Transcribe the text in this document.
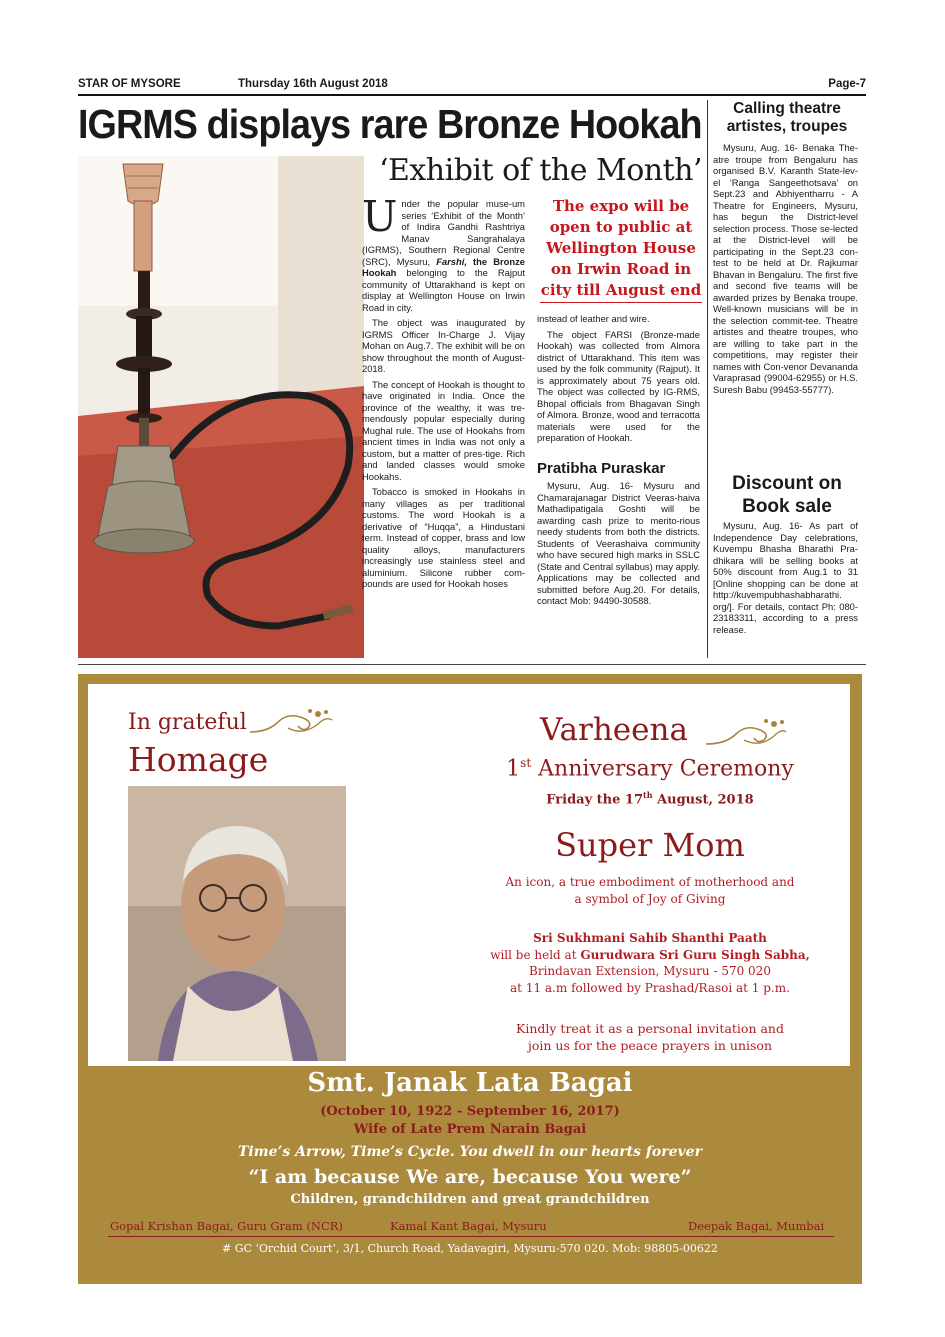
STAR OF MYSORE	Thursday 16th August 2018	Page-7
IGRMS displays rare Bronze Hookah
‘Exhibit of the Month’

Under the popular muse-um series ‘Exhibit of the Month’ of Indira Gandhi Rashtriya Manav Sangrahalaya (IGRMS), Southern Regional Centre (SRC), Mysuru, Farshi, the Bronze Hookah belonging to the Rajput community of Uttarakhand is kept on display at Wellington House on Irwin Road in city.

The object was inaugurated by IGRMS Officer In-Charge J. Vijay Mohan on Aug.7. The exhibit will be on show throughout the month of August-2018.

The concept of Hookah is thought to have originated in India. Once the province of the wealthy, it was tre-mendously popular especially during Mughal rule. The use of Hookahs from ancient times in India was not only a custom, but a matter of pres-tige. Rich and landed classes would smoke Hookahs.

Tobacco is smoked in Hookahs in many villages as per traditional customs. The word Hookah is a derivative of “Huqqa”, a Hindustani term. Instead of copper, brass and low quality alloys, manufacturers increasingly use stainless steel and aluminium. Silicone rubber com-pounds are used for Hookah hoses

The expo will be open to public at Wellington House on Irwin Road in city till August end

instead of leather and wire.

The object FARSI (Bronze-made Hookah) was collected from Almora district of Uttarakhand. This item was used by the folk community (Rajput). It is approximately about 75 years old. The object was collected by IG-RMS, Bhopal officials from Bhagavan Singh of Almora. Bronze, wood and terracotta materials were used for the preparation of Hookah.

Pratibha Puraskar

Mysuru, Aug. 16- Mysuru and Chamarajanagar District Veeras-haiva Mathadipatigala Goshti will be awarding cash prize to merito-rious needy students from both the districts. Students of Veerashaiva community who have secured high marks in SSLC (State and Central syllabus) may apply. Applications may be collected and submitted before Aug.20. For details, contact Mob: 94490-30588.

Calling theatre
artistes, troupes

Mysuru, Aug. 16- Benaka The-atre troupe from Bengaluru has organised B.V. Karanth State-lev-el ‘Ranga Sangeethotsava’ on Sept.23 and Abhiyentharru - A Theatre for Engineers, Mysuru, has begun the District-level selection process. Those se-lected at the District-level will be participating in the Sept.23 con-test to be held at Dr. Rajkumar Bhavan in Bengaluru. The first five and second five teams will be awarded prizes by Benaka troupe. Well-known musicians will be in the selection commit-tee. Theatre artistes and theatre troupes, who are willing to take part in the competitions, may register their names with Con-venor Devananda Varaprasad (99004-62955) or H.S. Suresh Babu (99453-55777).

Discount on
Book sale

Mysuru, Aug. 16- As part of Independence Day celebrations, Kuvempu Bhasha Bharathi Pra-dhikara will be selling books at 50% discount from Aug.1 to 31 [Online shopping can be done at http://kuvempubhashabharathi. org/]. For details, contact Ph: 080-23183311, according to a press release.

In grateful
Homage
Varheena
1st Anniversary Ceremony
Friday the 17th August, 2018
Super Mom
An icon, a true embodiment of motherhood and
a symbol of Joy of Giving
Sri Sukhmani Sahib Shanthi Paath
will be held at Gurudwara Sri Guru Singh Sabha,
Brindavan Extension, Mysuru - 570 020
at 11 a.m followed by Prashad/Rasoi at 1 p.m.
Kindly treat it as a personal invitation and
join us for the peace prayers in unison
Smt. Janak Lata Bagai
(October 10, 1922 - September 16, 2017)
Wife of Late Prem Narain Bagai
Time’s Arrow, Time’s Cycle. You dwell in our hearts forever
“I am because We are, because You were”
Children, grandchildren and great grandchildren
Gopal Krishan Bagai, Guru Gram (NCR)	Kamal Kant Bagai, Mysuru	Deepak Bagai, Mumbai
# GC ‘Orchid Court’, 3/1, Church Road, Yadavagiri, Mysuru-570 020. Mob: 98805-00622
